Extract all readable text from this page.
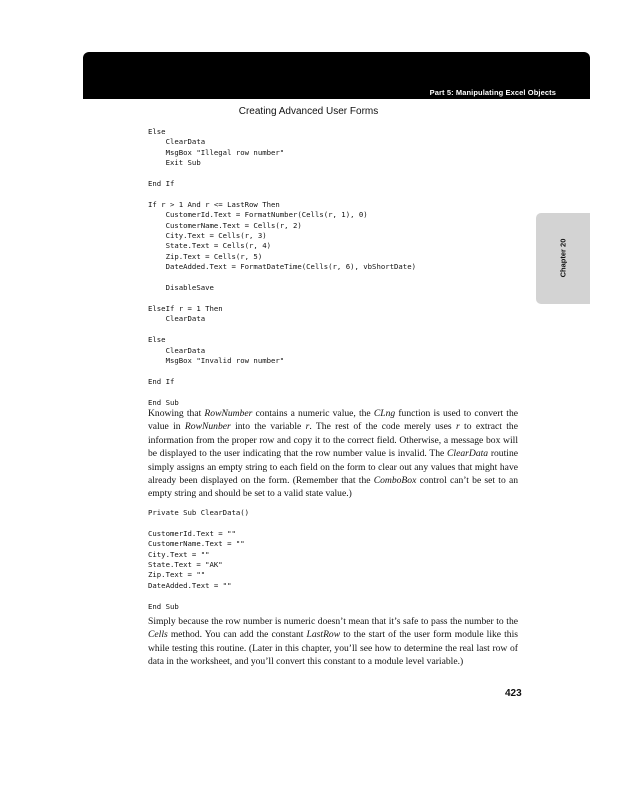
Part 5: Manipulating Excel Objects
Creating Advanced User Forms
Chapter 20
Else
ClearData
MsgBox "Illegal row number"
Exit Sub

End If

If r > 1 And r <= LastRow Then
CustomerId.Text = FormatNumber(Cells(r, 1), 0)
CustomerName.Text = Cells(r, 2)
City.Text = Cells(r, 3)
State.Text = Cells(r, 4)
Zip.Text = Cells(r, 5)
DateAdded.Text = FormatDateTime(Cells(r, 6), vbShortDate)

DisableSave

ElseIf r = 1 Then
ClearData

Else
ClearData
MsgBox "Invalid row number"

End If

End Sub

Knowing that RowNumber contains a numeric value, the CLng function is used to convert the value in RowNunber into the variable r. The rest of the code merely uses r to extract the information from the proper row and copy it to the correct field. Otherwise, a message box will be displayed to the user indicating that the row number value is invalid. The ClearData routine simply assigns an empty string to each field on the form to clear out any values that might have already been displayed on the form. (Remember that the ComboBox control can’t be set to an empty string and should be set to a valid state value.)

Private Sub ClearData()

CustomerId.Text = ""
CustomerName.Text = ""
City.Text = ""
State.Text = "AK"
Zip.Text = ""
DateAdded.Text = ""

End Sub

Simply because the row number is numeric doesn’t mean that it’s safe to pass the number to the Cells method. You can add the constant LastRow to the start of the user form module like this while testing this routine. (Later in this chapter, you’ll see how to determine the real last row of data in the worksheet, and you’ll convert this constant to a module level variable.)

423
